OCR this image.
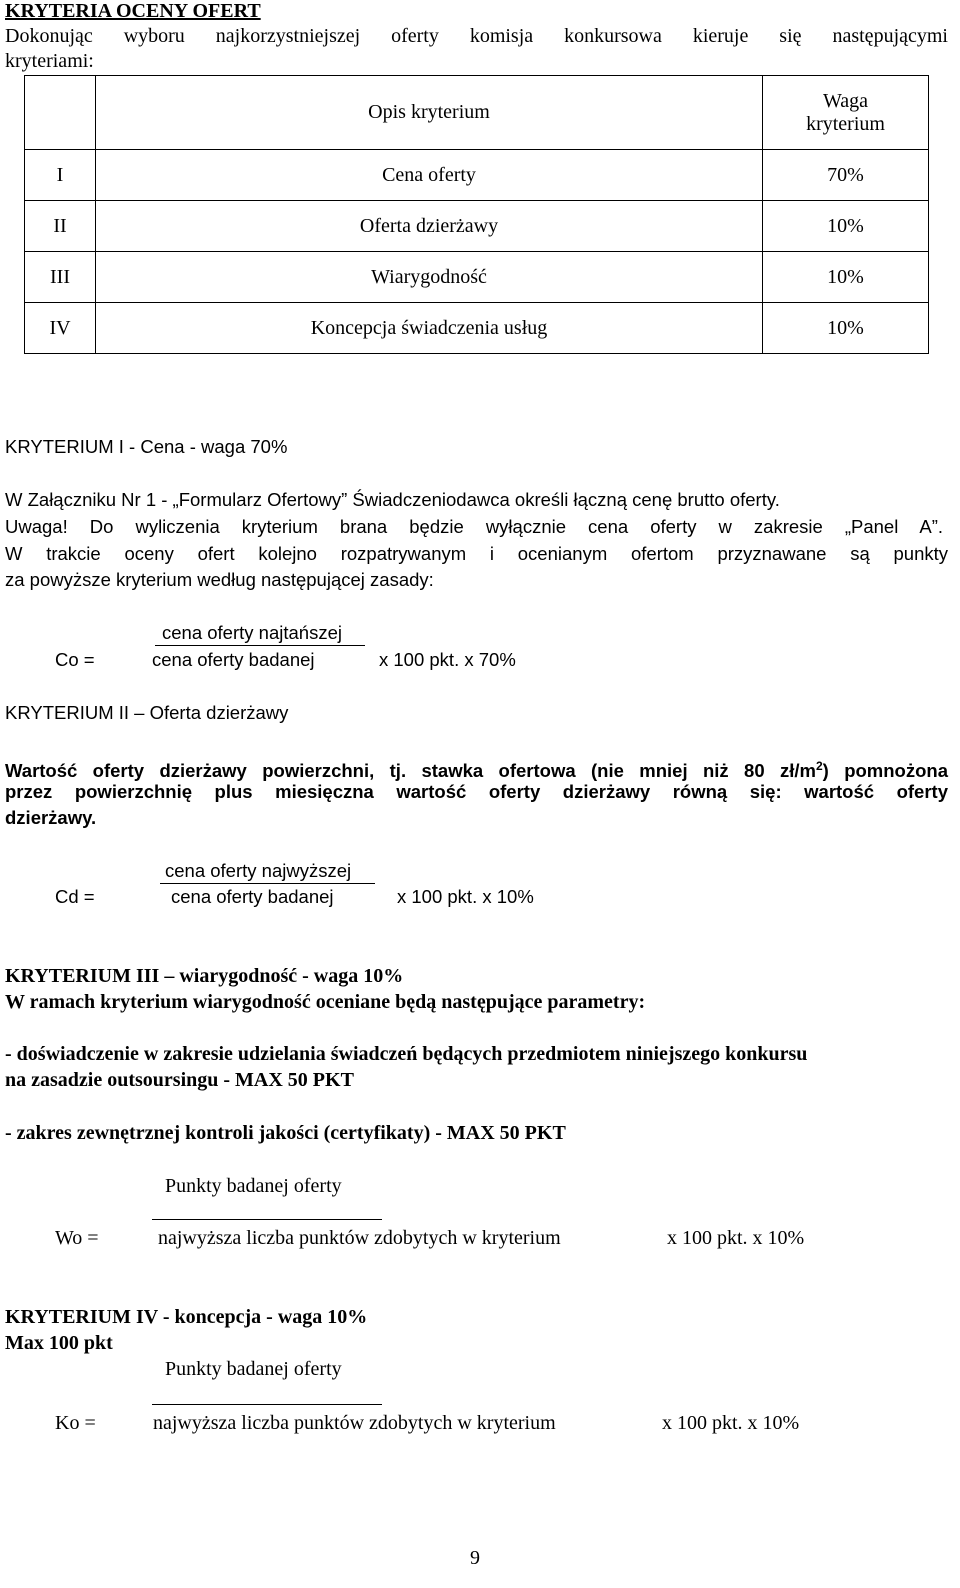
KRYTERIA OCENY OFERT
Dokonując wyboru najkorzystniejszej oferty komisja konkursowa kieruje się następującymi
kryteriami:
	Opis kryterium	Waga
kryterium

I	Cena oferty	70%
II	Oferta dzierżawy	10%
III	Wiarygodność	10%
IV	Koncepcja świadczenia usług	10%
KRYTERIUM I - Cena - waga 70%
W Załączniku Nr 1 - „Formularz Ofertowy” Świadczeniodawca określi łączną cenę brutto oferty.
Uwaga! Do wyliczenia kryterium brana będzie wyłącznie cena oferty w zakresie „Panel A”.
W trakcie oceny ofert kolejno rozpatrywanym i ocenianym ofertom przyznawane są punkty
za powyższe kryterium według następującej zasady:
cena oferty najtańszej
Co =	cena oferty badanej	x 100 pkt. x 70%
KRYTERIUM II – Oferta dzierżawy
Wartość oferty dzierżawy powierzchni, tj. stawka ofertowa (nie mniej niż 80 $zł/m^2$) pomnożona
przez powierzchnię plus miesięczna wartość oferty dzierżawy równą się: wartość oferty
dzierżawy.
cena oferty najwyższej
Cd =	cena oferty badanej	x 100 pkt. x 10%
KRYTERIUM III – wiarygodność - waga 10%
W ramach kryterium wiarygodność oceniane będą następujące parametry:
- doświadczenie w zakresie udzielania świadczeń będących przedmiotem niniejszego konkursu
na zasadzie outsoursingu - MAX 50 PKT
- zakres zewnętrznej kontroli jakości (certyfikaty) - MAX 50 PKT
Punkty badanej oferty
Wo =	najwyższa liczba punktów zdobytych w kryterium	x 100 pkt. x 10%
KRYTERIUM IV - koncepcja - waga 10%
Max 100 pkt
Punkty badanej oferty
Ko =	najwyższa liczba punktów zdobytych w kryterium	x 100 pkt. x 10%
9
